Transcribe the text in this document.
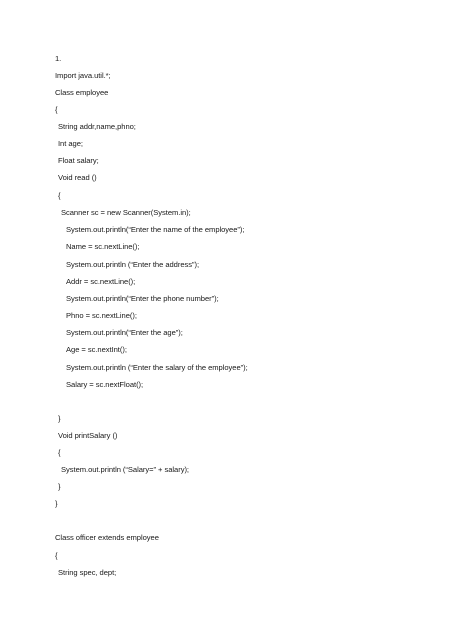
1.
Import java.util.*;
Class employee
{
String addr,name,phno;
Int age;
Float salary;
Void read ()
{
Scanner sc = new Scanner(System.in);
System.out.println(“Enter the name of the employee”);
Name = sc.nextLine();
System.out.println (“Enter the address”);
Addr = sc.nextLine();
System.out.println(“Enter the phone number”);
Phno = sc.nextLine();
System.out.println(“Enter the age”);
Age = sc.nextInt();
System.out.println (“Enter the salary of the employee”);
Salary = sc.nextFloat();
}
Void printSalary ()
{
System.out.println (“Salary=” + salary);
}
}
Class officer extends employee
{
String spec, dept;
